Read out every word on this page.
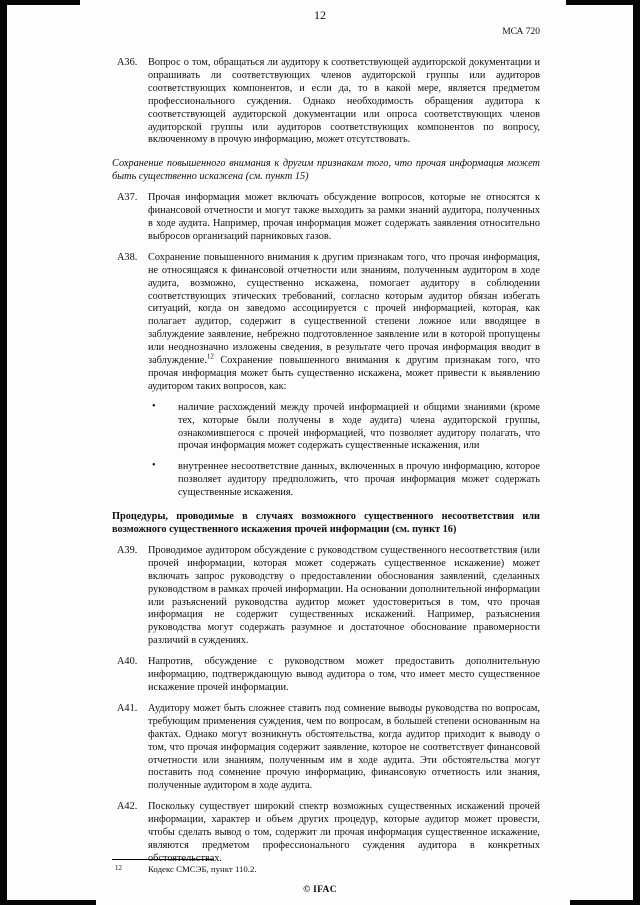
12
МСА 720
А36. Вопрос о том, обращаться ли аудитору к соответствующей аудиторской документации и опрашивать ли соответствующих членов аудиторской группы или аудиторов соответствующих компонентов, и если да, то в какой мере, является предметом профессионального суждения. Однако необходимость обращения аудитора к соответствующей аудиторской документации или опроса соответствующих членов аудиторской группы или аудиторов соответствующих компонентов по вопросу, включенному в прочую информацию, может отсутствовать.
Сохранение повышенного внимания к другим признакам того, что прочая информация может быть существенно искажена (см. пункт 15)
А37. Прочая информация может включать обсуждение вопросов, которые не относятся к финансовой отчетности и могут также выходить за рамки знаний аудитора, полученных в ходе аудита. Например, прочая информация может содержать заявления относительно выбросов организаций парниковых газов.
А38. Сохранение повышенного внимания к другим признакам того, что прочая информация, не относящаяся к финансовой отчетности или знаниям, полученным аудитором в ходе аудита, возможно, существенно искажена, помогает аудитору в соблюдении соответствующих этических требований, согласно которым аудитор обязан избегать ситуаций, когда он заведомо ассоциируется с прочей информацией, которая, как полагает аудитор, содержит в существенной степени ложное или вводящее в заблуждение заявление, небрежно подготовленное заявление или в которой пропущены или неоднозначно изложены сведения, в результате чего прочая информация вводит в заблуждение.$^{12}$ Сохранение повышенного внимания к другим признакам того, что прочая информация может быть существенно искажена, может привести к выявлению аудитором таких вопросов, как:
• наличие расхождений между прочей информацией и общими знаниями (кроме тех, которые были получены в ходе аудита) члена аудиторской группы, ознакомившегося с прочей информацией, что позволяет аудитору полагать, что прочая информация может содержать существенные искажения, или
• внутреннее несоответствие данных, включенных в прочую информацию, которое позволяет аудитору предположить, что прочая информация может содержать существенные искажения.
Процедуры, проводимые в случаях возможного существенного несоответствия или возможного существенного искажения прочей информации (см. пункт 16)
А39. Проводимое аудитором обсуждение с руководством существенного несоответствия (или прочей информации, которая может содержать существенное искажение) может включать запрос руководству о предоставлении обоснования заявлений, сделанных руководством в рамках прочей информации. На основании дополнительной информации или разъяснений руководства аудитор может удостовериться в том, что прочая информация не содержит существенных искажений. Например, разъяснения руководства могут содержать разумное и достаточное обоснование правомерности различий в суждениях.
А40. Напротив, обсуждение с руководством может предоставить дополнительную информацию, подтверждающую вывод аудитора о том, что имеет место существенное искажение прочей информации.
А41. Аудитору может быть сложнее ставить под сомнение выводы руководства по вопросам, требующим применения суждения, чем по вопросам, в большей степени основанным на фактах. Однако могут возникнуть обстоятельства, когда аудитор приходит к выводу о том, что прочая информация содержит заявление, которое не соответствует финансовой отчетности или знаниям, полученным им в ходе аудита. Эти обстоятельства могут поставить под сомнение прочую информацию, финансовую отчетность или знания, полученные аудитором в ходе аудита.
А42. Поскольку существует широкий спектр возможных существенных искажений прочей информации, характер и объем других процедур, которые аудитор может провести, чтобы сделать вывод о том, содержит ли прочая информация существенное искажение, являются предметом профессионального суждения аудитора в конкретных обстоятельствах.
12	Кодекс СМСЭБ, пункт 110.2.
© IFAC
